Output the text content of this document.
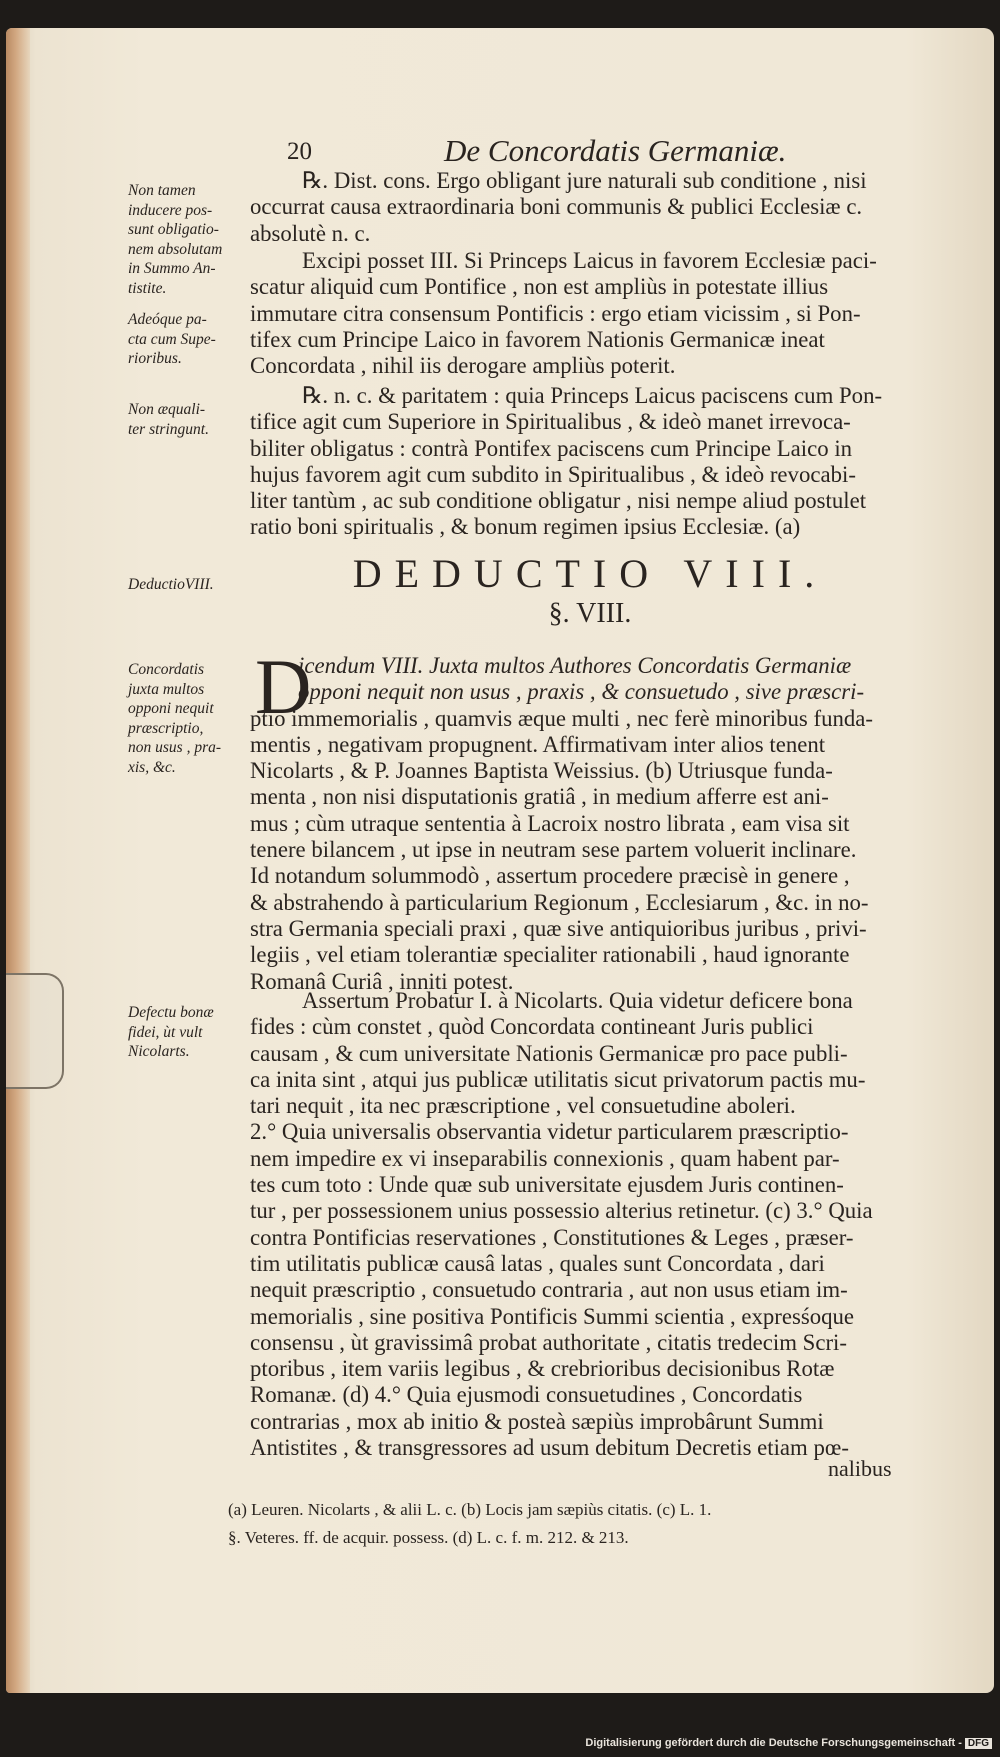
20	De Concordatis Germaniæ.
Non tamen
inducere pos-
sunt obligatio-
nem absolutam
in Summo An-
tistite.
Adeóque pa-
cta cum Supe-
rioribus.
Non æquali-
ter stringunt.
DeductioVIII.
Concordatis
juxta multos
opponi nequit
præscriptio,
non usus , pra-
xis, &c.
Defectu bonæ
fidei, ùt vult
Nicolarts.
℞. Dist. cons. Ergo obligant jure naturali sub conditione , nisi
occurrat causa extraordinaria boni communis & publici Ecclesiæ c.
absolutè n. c.
Excipi posset III. Si Princeps Laicus in favorem Ecclesiæ paci-
scatur aliquid cum Pontifice , non est ampliùs in potestate illius
immutare citra consensum Pontificis : ergo etiam vicissim , si Pon-
tifex cum Principe Laico in favorem Nationis Germanicæ ineat
Concordata , nihil iis derogare ampliùs poterit.
℞. n. c. & paritatem : quia Princeps Laicus paciscens cum Pon-
tifice agit cum Superiore in Spiritualibus , & ideò manet irrevoca-
biliter obligatus : contrà Pontifex paciscens cum Principe Laico in
hujus favorem agit cum subdito in Spiritualibus , & ideò revocabi-
liter tantùm , ac sub conditione obligatur , nisi nempe aliud postulet
ratio boni spiritualis , & bonum regimen ipsius Ecclesiæ. (a)
DEDUCTIO VIII.
§. VIII.
D
icendum VIII. Juxta multos Authores Concordatis Germaniæ
opponi nequit non usus , praxis , & consuetudo , sive præscri-
ptio immemorialis , quamvis æque multi , nec ferè minoribus funda-
mentis , negativam propugnent. Affirmativam inter alios tenent
Nicolarts , & P. Joannes Baptista Weissius. (b) Utriusque funda-
menta , non nisi disputationis gratiâ , in medium afferre est ani-
mus ; cùm utraque sententia à Lacroix nostro librata , eam visa sit
tenere bilancem , ut ipse in neutram sese partem voluerit inclinare.
Id notandum solummodò , assertum procedere præcisè in genere ,
& abstrahendo à particularium Regionum , Ecclesiarum , &c. in no-
stra Germania speciali praxi , quæ sive antiquioribus juribus , privi-
legiis , vel etiam tolerantiæ specialiter rationabili , haud ignorante
Romanâ Curiâ , inniti potest.
Assertum Probatur I. à Nicolarts. Quia videtur deficere bona
fides : cùm constet , quòd Concordata contineant Juris publici
causam , & cum universitate Nationis Germanicæ pro pace publi-
ca inita sint , atqui jus publicæ utilitatis sicut privatorum pactis mu-
tari nequit , ita nec præscriptione , vel consuetudine aboleri.
2.° Quia universalis observantia videtur particularem præscriptio-
nem impedire ex vi inseparabilis connexionis , quam habent par-
tes cum toto : Unde quæ sub universitate ejusdem Juris continen-
tur , per possessionem unius possessio alterius retinetur. (c) 3.° Quia
contra Pontificias reservationes , Constitutiones & Leges , præser-
tim utilitatis publicæ causâ latas , quales sunt Concordata , dari
nequit præscriptio , consuetudo contraria , aut non usus etiam im-
memorialis , sine positiva Pontificis Summi scientia , expresśoque
consensu , ùt gravissimâ probat authoritate , citatis tredecim Scri-
ptoribus , item variis legibus , & crebrioribus decisionibus Rotæ
Romanæ. (d) 4.° Quia ejusmodi consuetudines , Concordatis
contrarias , mox ab initio & posteà sæpiùs improbârunt Summi
Antistites , & transgressores ad usum debitum Decretis etiam pœ-
nalibus
(a) Leuren. Nicolarts , & alii L. c. (b) Locis jam sæpiùs citatis. (c) L. 1.
§. Veteres. ff. de acquir. possess. (d) L. c. f. m. 212. & 213.
Digitalisierung gefördert durch die Deutsche Forschungsgemeinschaft - DFG
